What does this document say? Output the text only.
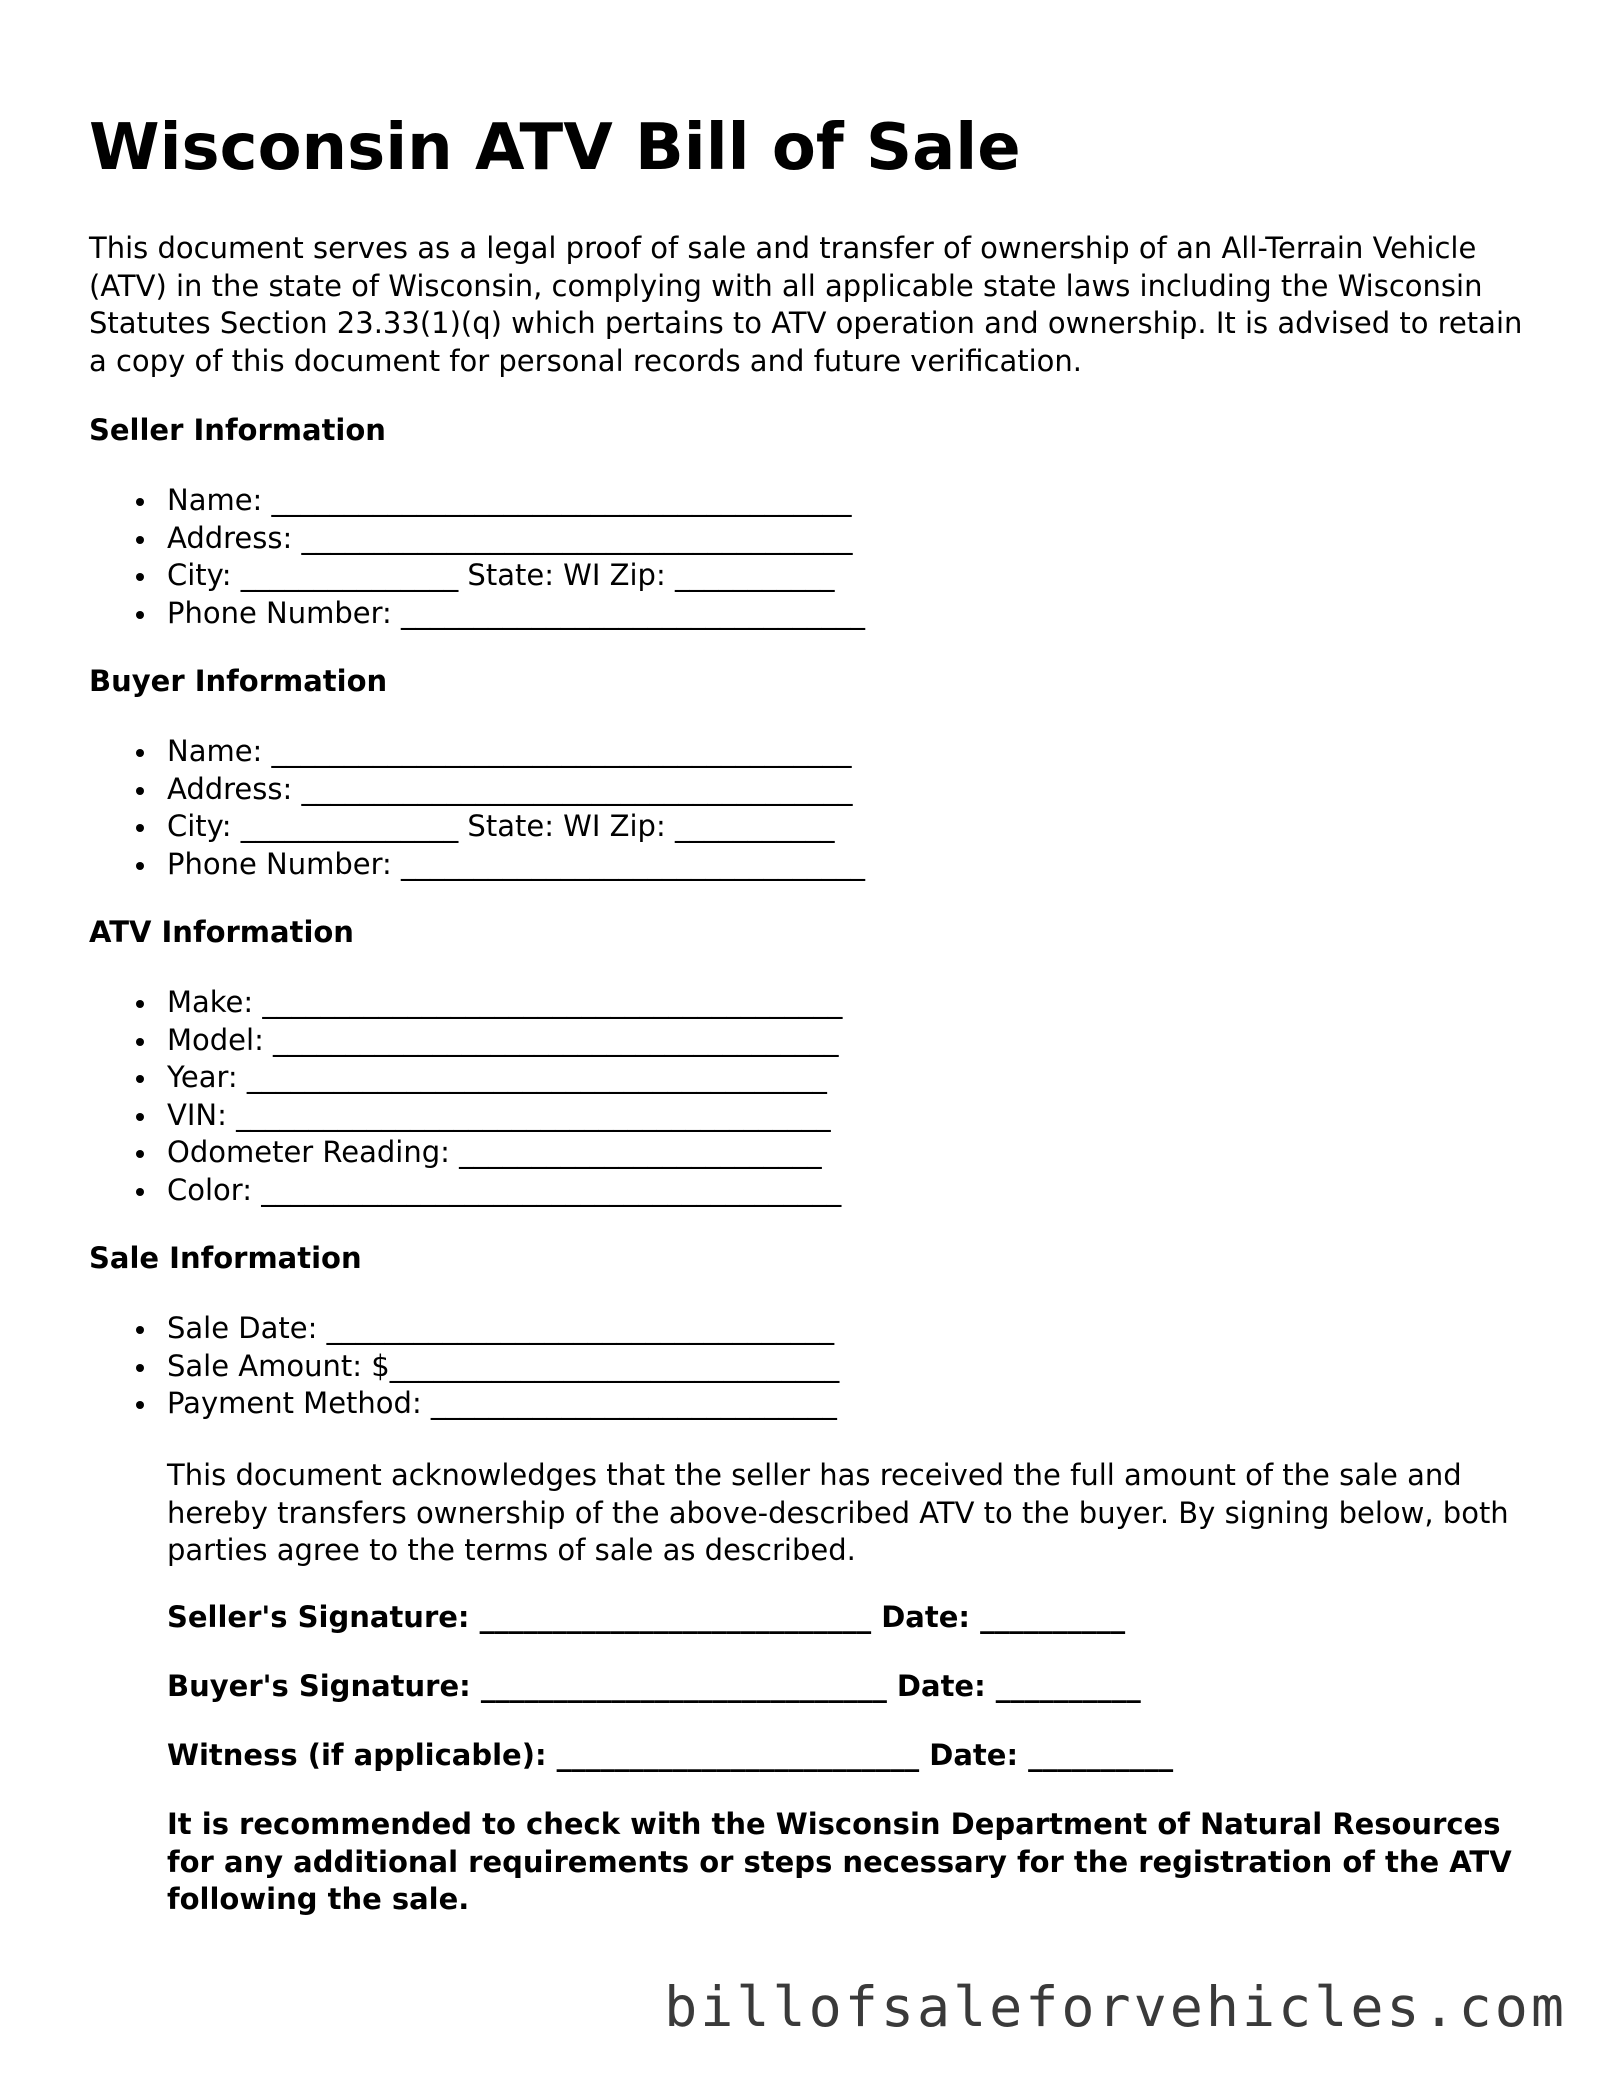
Wisconsin ATV Bill of Sale

This document serves as a legal proof of sale and transfer of ownership of an All-Terrain Vehicle (ATV) in the state of Wisconsin, complying with all applicable state laws including the Wisconsin Statutes Section 23.33(1)(q) which pertains to ATV operation and ownership. It is advised to retain a copy of this document for personal records and future verification.

Seller Information
Name: ________________________________________
Address: ______________________________________
City: _______________ State: WI Zip: ___________
Phone Number: ________________________________
Buyer Information
Name: ________________________________________
Address: ______________________________________
City: _______________ State: WI Zip: ___________
Phone Number: ________________________________
ATV Information
Make: ________________________________________
Model: _______________________________________
Year: ________________________________________
VIN: _________________________________________
Odometer Reading: _________________________
Color: ________________________________________
Sale Information
Sale Date: ___________________________________
Sale Amount: $_______________________________
Payment Method: ____________________________

This document acknowledges that the seller has received the full amount of the sale and hereby transfers ownership of the above-described ATV to the buyer. By signing below, both parties agree to the terms of sale as described.

Seller's Signature: ___________________________ Date: __________
Buyer's Signature: ____________________________ Date: __________
Witness (if applicable): _________________________ Date: __________

It is recommended to check with the Wisconsin Department of Natural Resources for any additional requirements or steps necessary for the registration of the ATV following the sale.

billofsaleforvehicles.com
